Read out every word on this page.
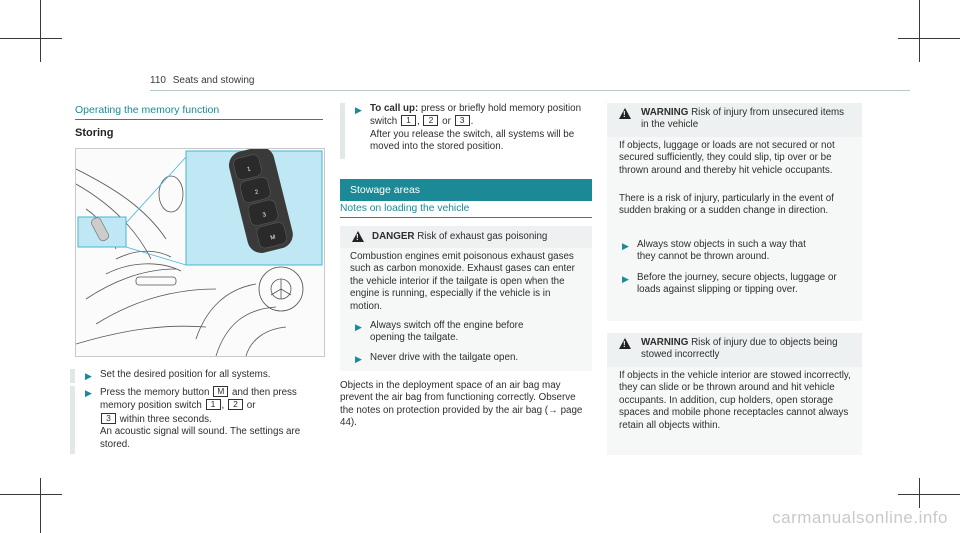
110 Seats and stowing
Operating the memory function
Storing
1
2
3
M
▶ Set the desired position for all systems.
▶ Press the memory button M and then press memory position switch 1 , 2 or
3 within three seconds.
An acoustic signal will sound. The settings are stored.
▶ To call up: press or briefly hold memory position switch 1 , 2 or 3 .
After you release the switch, all systems will be moved into the stored position.
Stowage areas
Notes on loading the vehicle
!
DANGER Risk of exhaust gas poisoning
Combustion engines emit poisonous exhaust gases such as carbon monoxide. Exhaust gases can enter the vehicle interior if the tailgate is open when the engine is running, especially if the vehicle is in motion.
▶ Always switch off the engine before opening the tailgate.
▶ Never drive with the tailgate open.
Objects in the deployment space of an air bag may prevent the air bag from functioning correctly. Observe the notes on protection provided by the air bag (→ page 44).
!
WARNING Risk of injury from unsecured items in the vehicle
If objects, luggage or loads are not secured or not secured sufficiently, they could slip, tip over or be thrown around and thereby hit vehicle occupants.
There is a risk of injury, particularly in the event of sudden braking or a sudden change in direction.
▶ Always stow objects in such a way that they cannot be thrown around.
▶ Before the journey, secure objects, luggage or loads against slipping or tipping over.
!
WARNING Risk of injury due to objects being stowed incorrectly
If objects in the vehicle interior are stowed incorrectly, they can slide or be thrown around and hit vehicle occupants. In addition, cup holders, open storage spaces and mobile phone receptacles cannot always retain all objects within.
carmanualsonline.info
